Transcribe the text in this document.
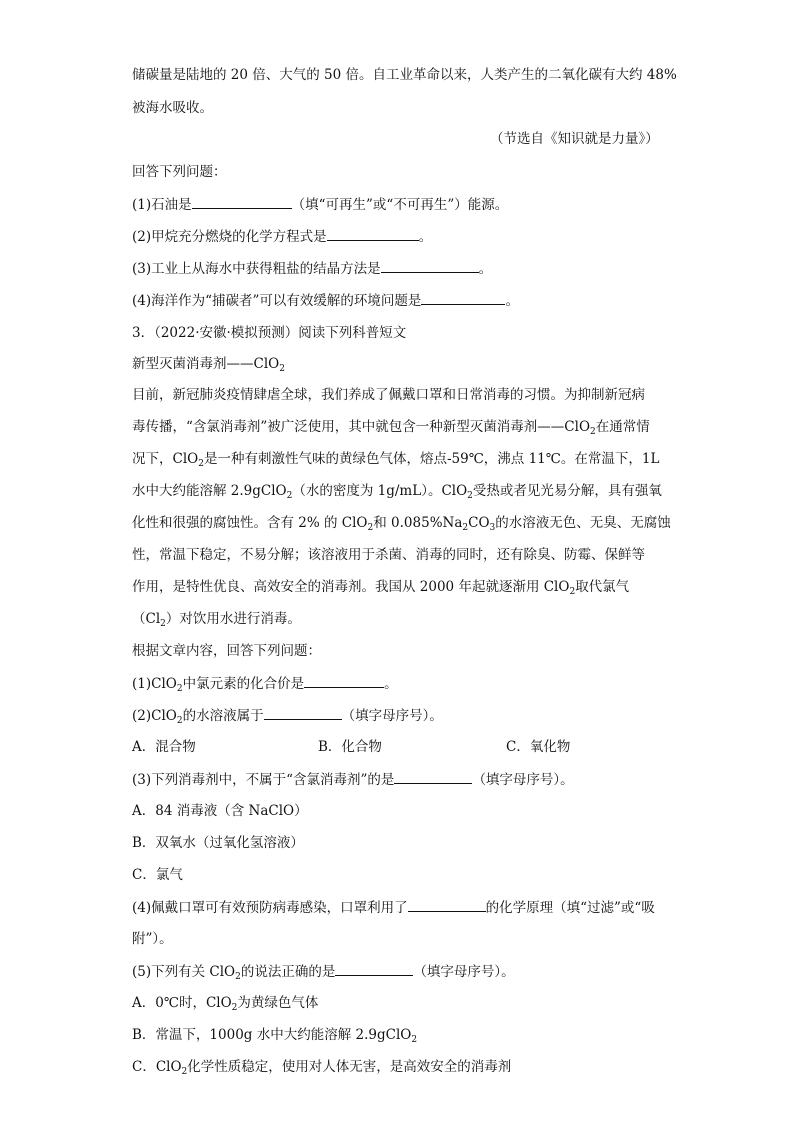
储碳量是陆地的 20 倍、大气的 50 倍。自工业革命以来，人类产生的二氧化碳有大约 48%
被海水吸收。
（节选自《知识就是力量》）
回答下列问题：
(1)石油是	（填“可再生”或“不可再生”）能源。
(2)甲烷充分燃烧的化学方程式是	。
(3)工业上从海水中获得粗盐的结晶方法是	。
(4)海洋作为“捕碳者”可以有效缓解的环境问题是	。
3．（2022·安徽·模拟预测）阅读下列科普短文
新型灭菌消毒剂——ClO$_2$
目前，新冠肺炎疫情肆虐全球，我们养成了佩戴口罩和日常消毒的习惯。为抑制新冠病
毒传播，“含氯消毒剂”被广泛使用，其中就包含一种新型灭菌消毒剂——ClO$_2$在通常情
况下，ClO$_2$是一种有刺激性气味的黄绿色气体，熔点-59℃，沸点 11℃。在常温下，1L
水中大约能溶解 2.9gClO$_2$（水的密度为 1g/mL）。ClO$_2$受热或者见光易分解，具有强氧
化性和很强的腐蚀性。含有 2% 的 ClO$_2$和 $0.085\%Na_2CO_3$的水溶液无色、无臭、无腐蚀
性，常温下稳定，不易分解；该溶液用于杀菌、消毒的同时，还有除臭、防霉、保鲜等
作用，是特性优良、高效安全的消毒剂。我国从 2000 年起就逐渐用 ClO$_2$取代氯气
$(Cl_2)$对饮用水进行消毒。
根据文章内容，回答下列问题：
(1)ClO$_2$中氯元素的化合价是	。
(2)ClO$_2$的水溶液属于	（填字母序号）。
A．混合物	B．化合物	C．氧化物
(3)下列消毒剂中，不属于“含氯消毒剂”的是	（填字母序号）。
A．84 消毒液（含 NaClO）
B．双氧水（过氧化氢溶液）
C．氯气
(4)佩戴口罩可有效预防病毒感染，口罩利用了	的化学原理（填“过滤”或“吸
附”）。
(5)下列有关 ClO$_2$的说法正确的是	（填字母序号）。
A．0℃时，ClO$_2$为黄绿色气体
B．常温下，1000g 水中大约能溶解 2.9gClO$_2$
C．ClO$_2$化学性质稳定，使用对人体无害，是高效安全的消毒剂
